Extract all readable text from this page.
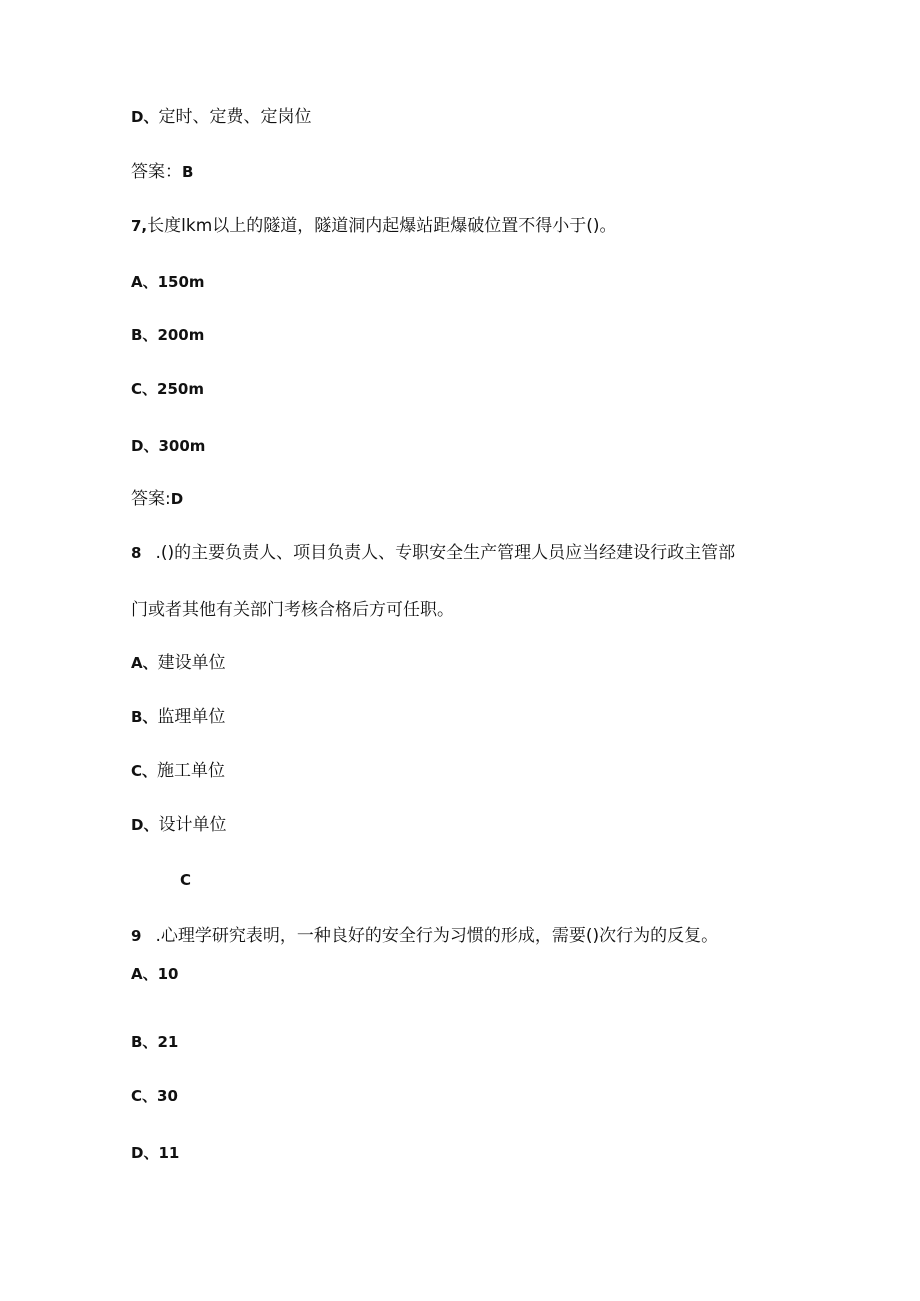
D、定时、定费、定岗位
答案：B
7,长度lkm以上的隧道，隧道洞内起爆站距爆破位置不得小于()。
A、150m
B、200m
C、250m
D、300m
答案:D
8 .()的主要负责人、项目负责人、专职安全生产管理人员应当经建设行政主管部
门或者其他有关部门考核合格后方可任职。
A、建设单位
B、监理单位
C、施工单位
D、设计单位
C
9 .心理学研究表明，一种良好的安全行为习惯的形成，需要()次行为的反复。
A、10
B、21
C、30
D、11
